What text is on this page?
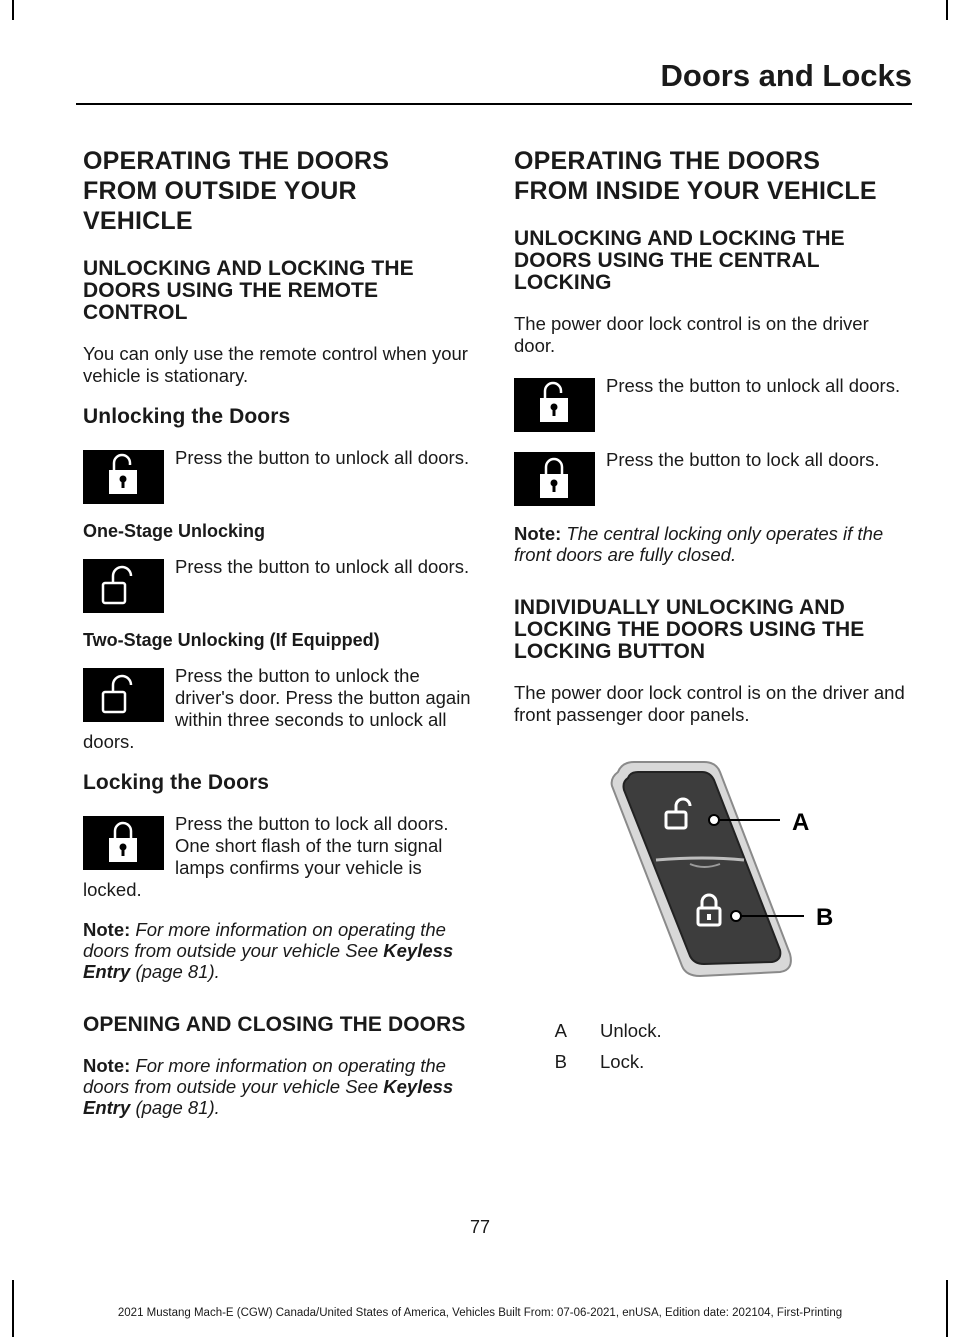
Doors and Locks
OPERATING THE DOORS
FROM OUTSIDE YOUR
VEHICLE
UNLOCKING AND LOCKING THE DOORS USING THE REMOTE CONTROL

You can only use the remote control when your vehicle is stationary.

Unlocking the Doors
Press the button to unlock all doors.
One-Stage Unlocking
Press the button to unlock all doors.
Two-Stage Unlocking (If Equipped)
Press the button to unlock the driver's door. Press the button again within three seconds to unlock all doors.
Locking the Doors
Press the button to lock all doors. One short flash of the turn signal lamps confirms your vehicle is locked.

Note: For more information on operating the doors from outside your vehicle See Keyless Entry (page 81).

OPENING AND CLOSING THE DOORS

Note: For more information on operating the doors from outside your vehicle See Keyless Entry (page 81).

OPERATING THE DOORS
FROM INSIDE YOUR VEHICLE
UNLOCKING AND LOCKING THE DOORS USING THE CENTRAL LOCKING

The power door lock control is on the driver door.

Press the button to unlock all doors.
Press the button to lock all doors.

Note: The central locking only operates if the front doors are fully closed.

INDIVIDUALLY UNLOCKING AND LOCKING THE DOORS USING THE LOCKING BUTTON

The power door lock control is on the driver and front passenger door panels.

A
B
A	Unlock.
B	Lock.
77
2021 Mustang Mach-E (CGW) Canada/United States of America, Vehicles Built From: 07-06-2021, enUSA, Edition date: 202104, First-Printing
